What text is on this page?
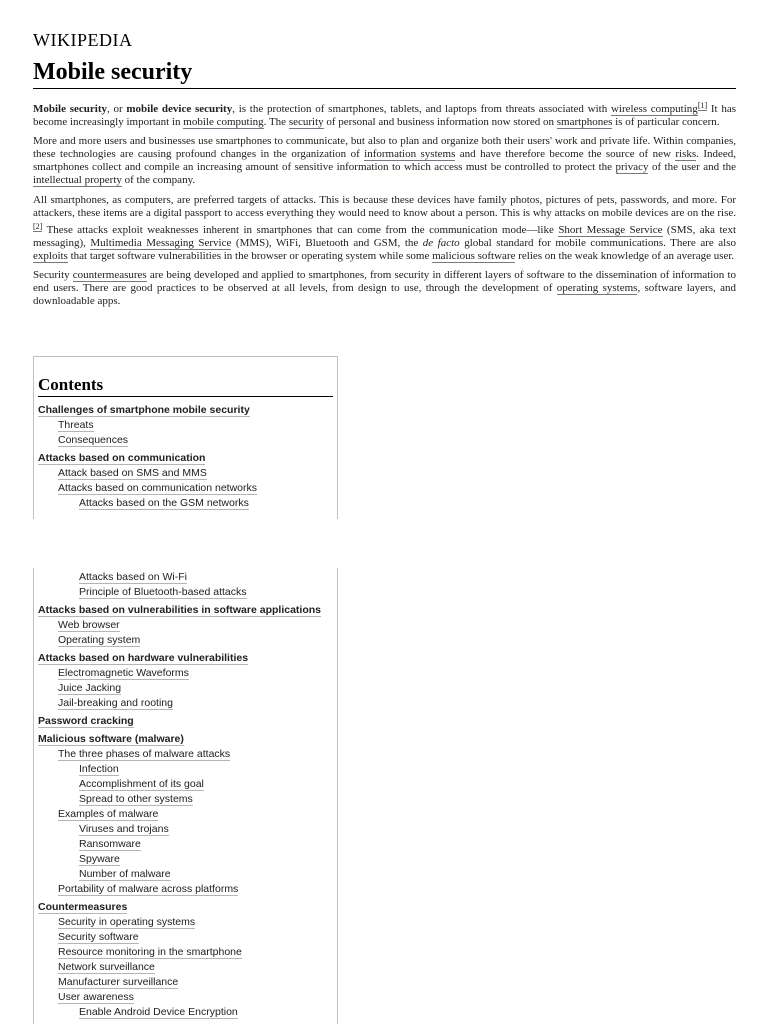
WIKIPEDIA
Mobile security

Mobile security, or mobile device security, is the protection of smartphones, tablets, and laptops from threats associated with wireless computing[1] It has become increasingly important in mobile computing. The security of personal and business information now stored on smartphones is of particular concern.

More and more users and businesses use smartphones to communicate, but also to plan and organize both their users' work and private life. Within companies, these technologies are causing profound changes in the organization of information systems and have therefore become the source of new risks. Indeed, smartphones collect and compile an increasing amount of sensitive information to which access must be controlled to protect the privacy of the user and the intellectual property of the company.

All smartphones, as computers, are preferred targets of attacks. This is because these devices have family photos, pictures of pets, passwords, and more. For attackers, these items are a digital passport to access everything they would need to know about a person. This is why attacks on mobile devices are on the rise.[2] These attacks exploit weaknesses inherent in smartphones that can come from the communication mode—like Short Message Service (SMS, aka text messaging), Multimedia Messaging Service (MMS), WiFi, Bluetooth and GSM, the de facto global standard for mobile communications. There are also exploits that target software vulnerabilities in the browser or operating system while some malicious software relies on the weak knowledge of an average user.

Security countermeasures are being developed and applied to smartphones, from security in different layers of software to the dissemination of information to end users. There are good practices to be observed at all levels, from design to use, through the development of operating systems, software layers, and downloadable apps.

Contents
Challenges of smartphone mobile security
Threats
Consequences
Attacks based on communication
Attack based on SMS and MMS
Attacks based on communication networks
Attacks based on the GSM networks
Attacks based on Wi-Fi
Principle of Bluetooth-based attacks
Attacks based on vulnerabilities in software applications
Web browser
Operating system
Attacks based on hardware vulnerabilities
Electromagnetic Waveforms
Juice Jacking
Jail-breaking and rooting
Password cracking
Malicious software (malware)
The three phases of malware attacks
Infection
Accomplishment of its goal
Spread to other systems
Examples of malware
Viruses and trojans
Ransomware
Spyware
Number of malware
Portability of malware across platforms
Countermeasures
Security in operating systems
Security software
Resource monitoring in the smartphone
Network surveillance
Manufacturer surveillance
User awareness
Enable Android Device Encryption
